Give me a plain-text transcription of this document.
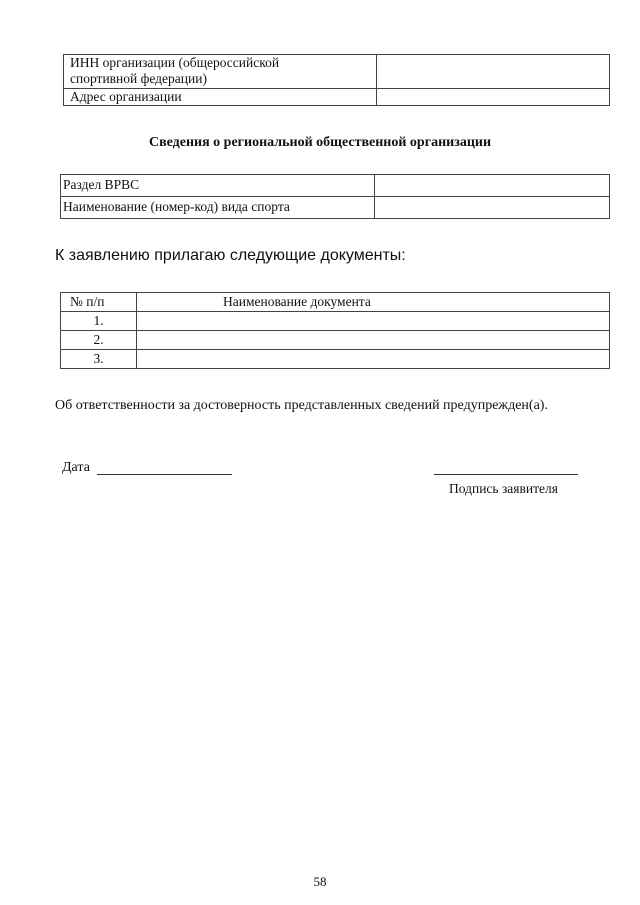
ИНН организации (общероссийской
спортивной федерации)	

Адрес организации	
Сведения о региональной общественной организации
Раздел ВРВС	
Наименование (номер-код) вида спорта	
К заявлению прилагаю следующие документы:
№ п/п	Наименование документа
1.	
2.	
3.	
Об ответственности за достоверность представленных сведений предупрежден(а).
Дата
Подпись заявителя
58
